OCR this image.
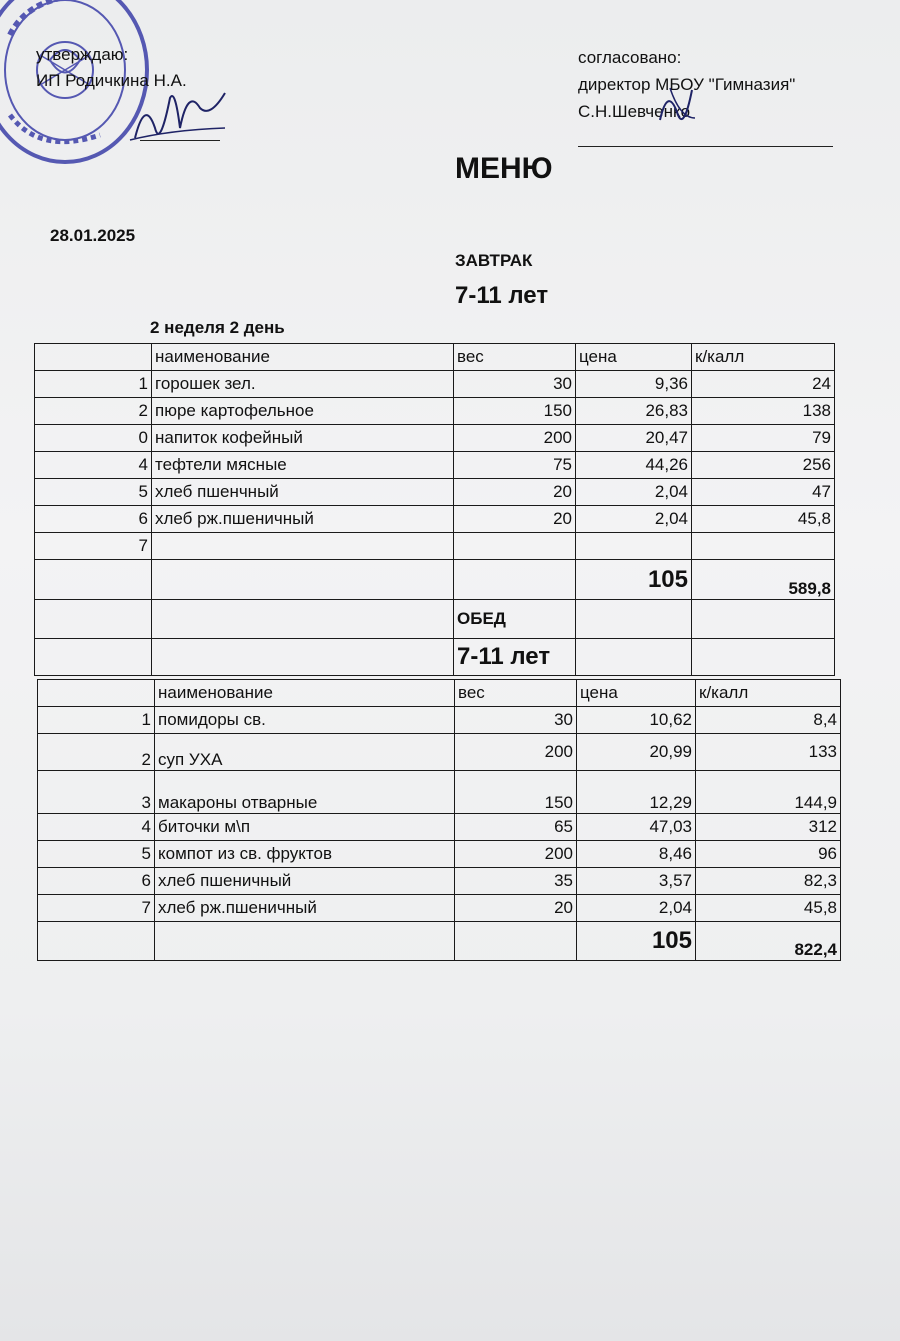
утверждаю:
ИП Родичкина Н.А.
согласовано:
директор МБОУ "Гимназия"
С.Н.Шевченко
МЕНЮ
28.01.2025
ЗАВТРАК
7-11 лет
2 неделя 2 день
	наименование	вес	цена	к/калл
1	горошек зел.	30	9,36	24
2	пюре картофельное	150	26,83	138
0	напиток кофейный	200	20,47	79
4	тефтели мясные	75	44,26	256
5	хлеб пшенчный	20	2,04	47
6	хлеб рж.пшеничный	20	2,04	45,8
7				
			105	589,8
		ОБЕД		
		7-11 лет		
	наименование	вес	цена	к/калл
1	помидоры св.	30	10,62	8,4
2	суп УХА	200	20,99	133
3	макароны отварные	150	12,29	144,9
4	биточки м\п	65	47,03	312
5	компот из св. фруктов	200	8,46	96
6	хлеб пшеничный	35	3,57	82,3
7	хлеб рж.пшеничный	20	2,04	45,8
			105	822,4
